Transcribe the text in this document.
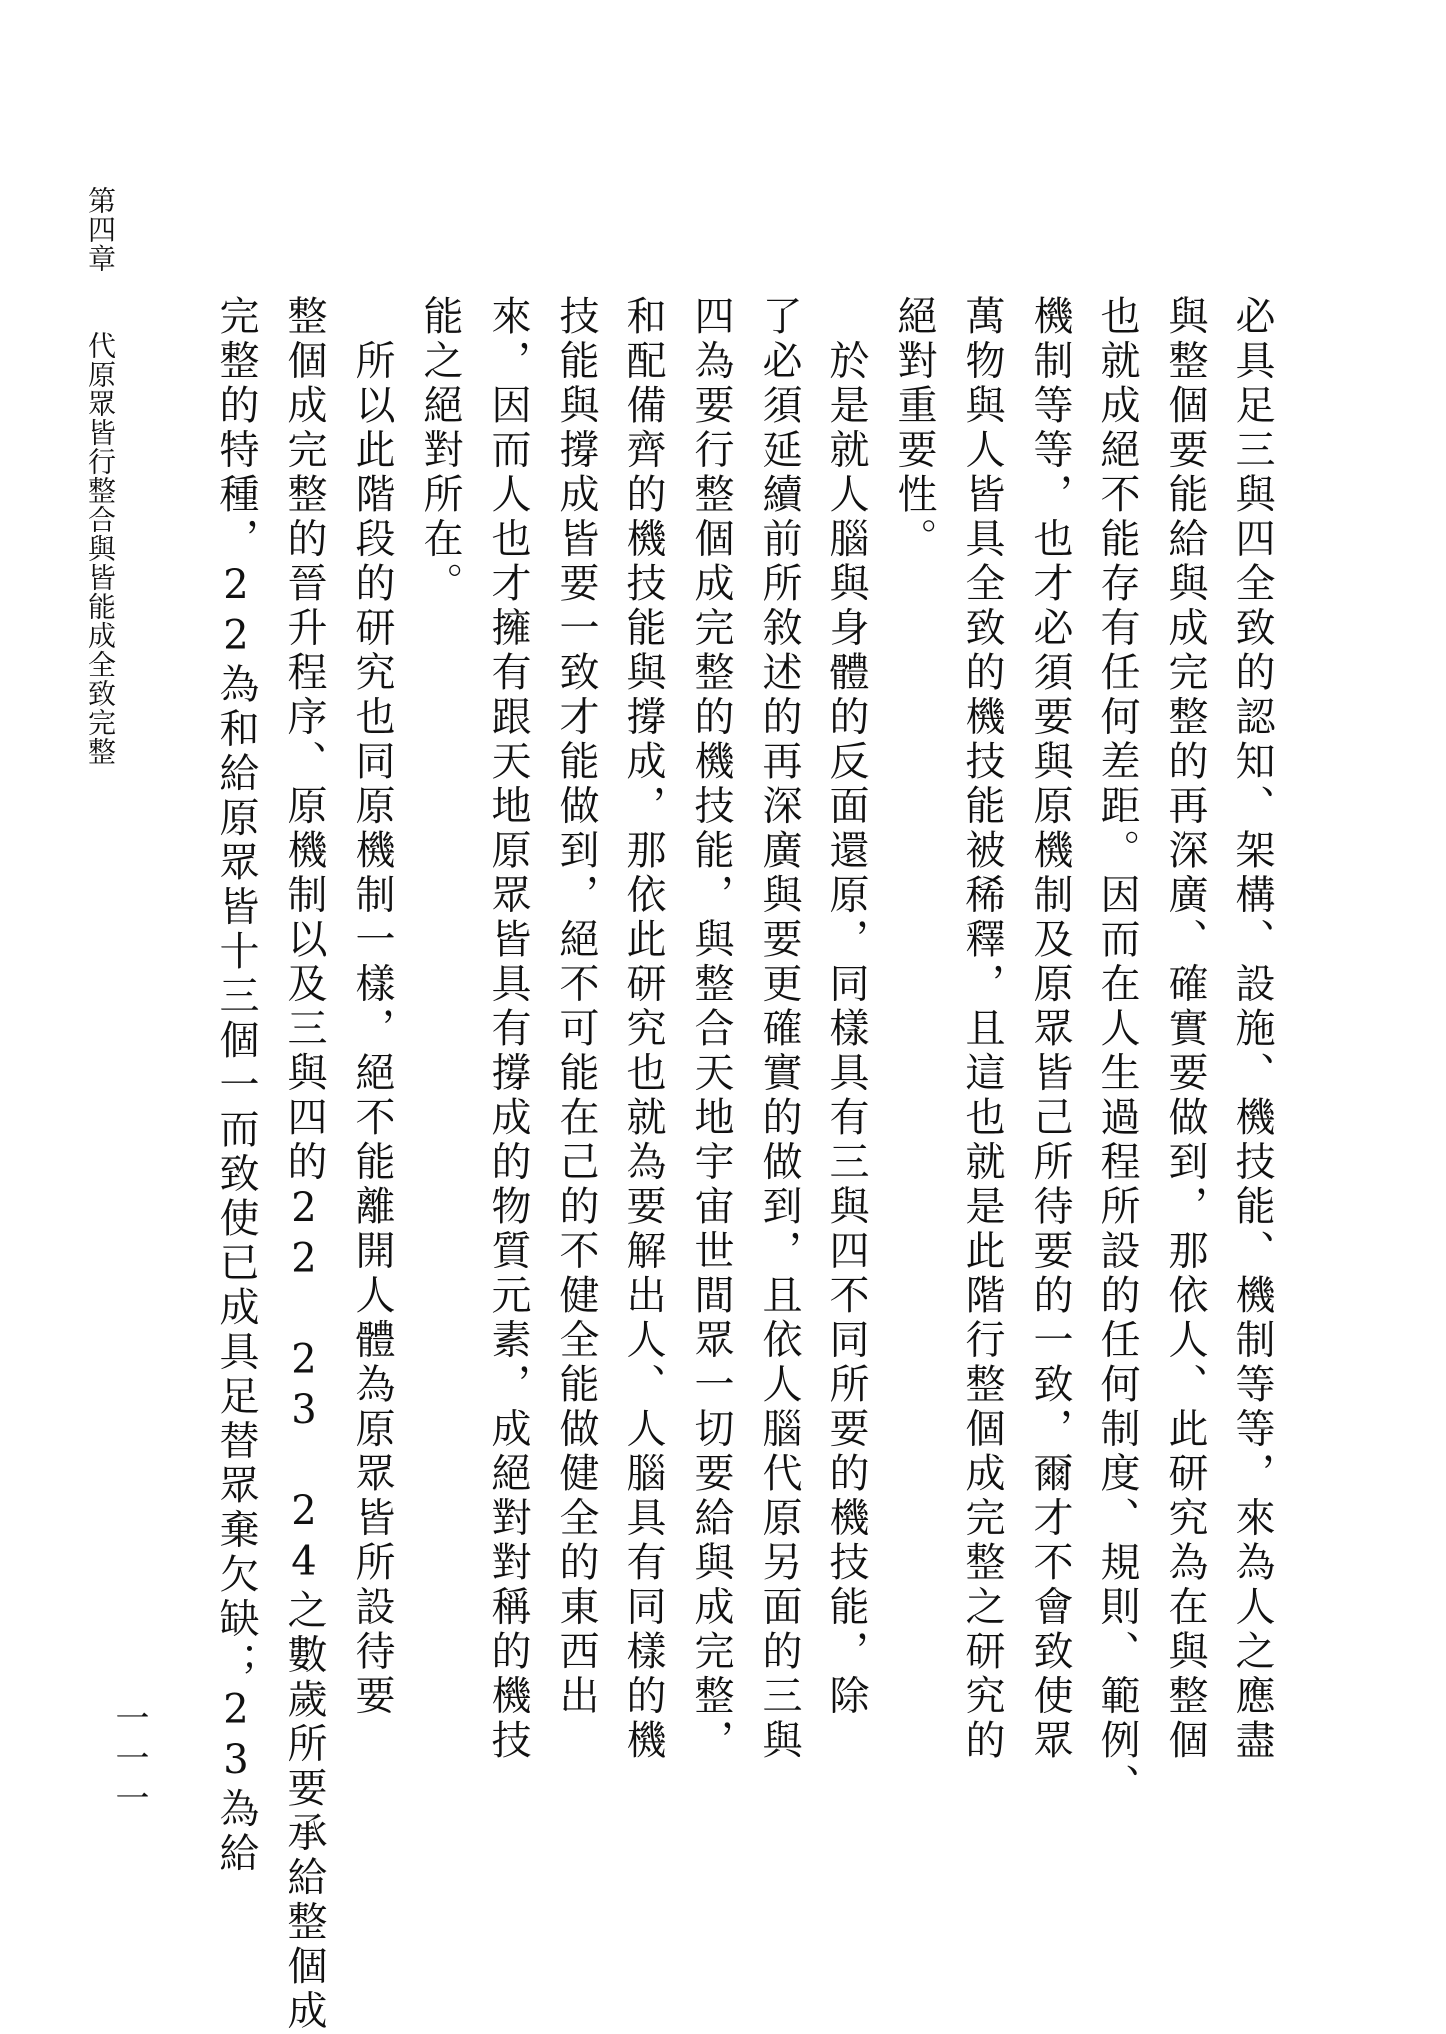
第四章　　代原眾皆行整合與皆能成全致完整
一一一	必具足三與四全致的認知、架構、設施、機技能、機制等等，來為人之應盡
與整個要能給與成完整的再深廣、確實要做到，那依人、此研究為在與整個
也就成絕不能存有任何差距。因而在人生過程所設的任何制度、規則、範例、
機制等等，也才必須要與原機制及原眾皆己所待要的一致，爾才不會致使眾
萬物與人皆具全致的機技能被稀釋，且這也就是此階行整個成完整之研究的
絕對重要性。
　於是就人腦與身體的反面還原，同樣具有三與四不同所要的機技能，除
了必須延續前所敘述的再深廣與要更確實的做到，且依人腦代原另面的三與
四為要行整個成完整的機技能，與整合天地宇宙世間眾一切要給與成完整，
和配備齊的機技能與撐成，那依此研究也就為要解出人、人腦具有同樣的機
技能與撐成皆要一致才能做到，絕不可能在己的不健全能做健全的東西出
來，因而人也才擁有跟天地原眾皆具有撐成的物質元素，成絕對對稱的機技
能之絕對所在。
　所以此階段的研究也同原機制一樣，絕不能離開人體為原眾皆所設待要
整個成完整的晉升程序、原機制以及三與四的22 23 24之數歲所要承給整個成
完整的特種，22為和給原眾皆十三個一而致使已成具足替眾棄欠缺；23為給
